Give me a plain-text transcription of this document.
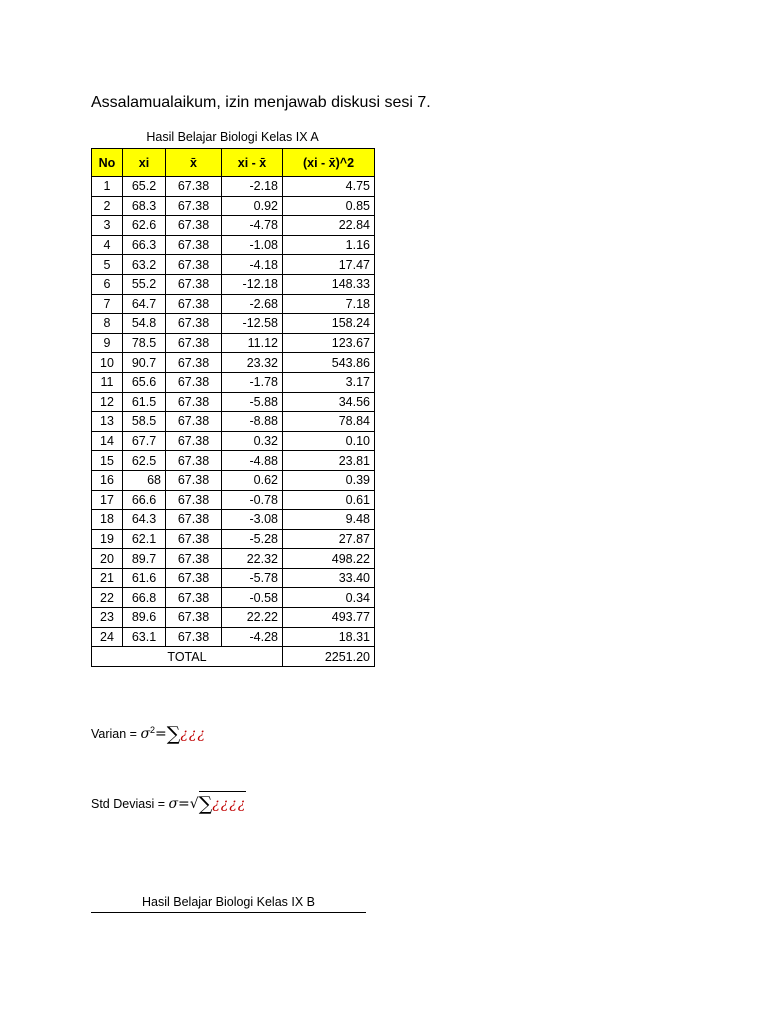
Assalamualaikum, izin menjawab diskusi sesi 7.
Hasil Belajar Biologi Kelas IX A
No	xi	x̄	xi - x̄	(xi - x̄)^2
1	65.2	67.38	-2.18	4.75
2	68.3	67.38	0.92	0.85
3	62.6	67.38	-4.78	22.84
4	66.3	67.38	-1.08	1.16
5	63.2	67.38	-4.18	17.47
6	55.2	67.38	-12.18	148.33
7	64.7	67.38	-2.68	7.18
8	54.8	67.38	-12.58	158.24
9	78.5	67.38	11.12	123.67
10	90.7	67.38	23.32	543.86
11	65.6	67.38	-1.78	3.17
12	61.5	67.38	-5.88	34.56
13	58.5	67.38	-8.88	78.84
14	67.7	67.38	0.32	0.10
15	62.5	67.38	-4.88	23.81
16	68	67.38	0.62	0.39
17	66.6	67.38	-0.78	0.61
18	64.3	67.38	-3.08	9.48
19	62.1	67.38	-5.28	27.87
20	89.7	67.38	22.32	498.22
21	61.6	67.38	-5.78	33.40
22	66.8	67.38	-0.58	0.34
23	89.6	67.38	22.22	493.77
24	63.1	67.38	-4.28	18.31
TOTAL				2251.20
Varian = $\sigma^2=\sum¿¿¿$
Std Deviasi = σ=√∑¿¿¿¿
Hasil Belajar Biologi Kelas IX B
